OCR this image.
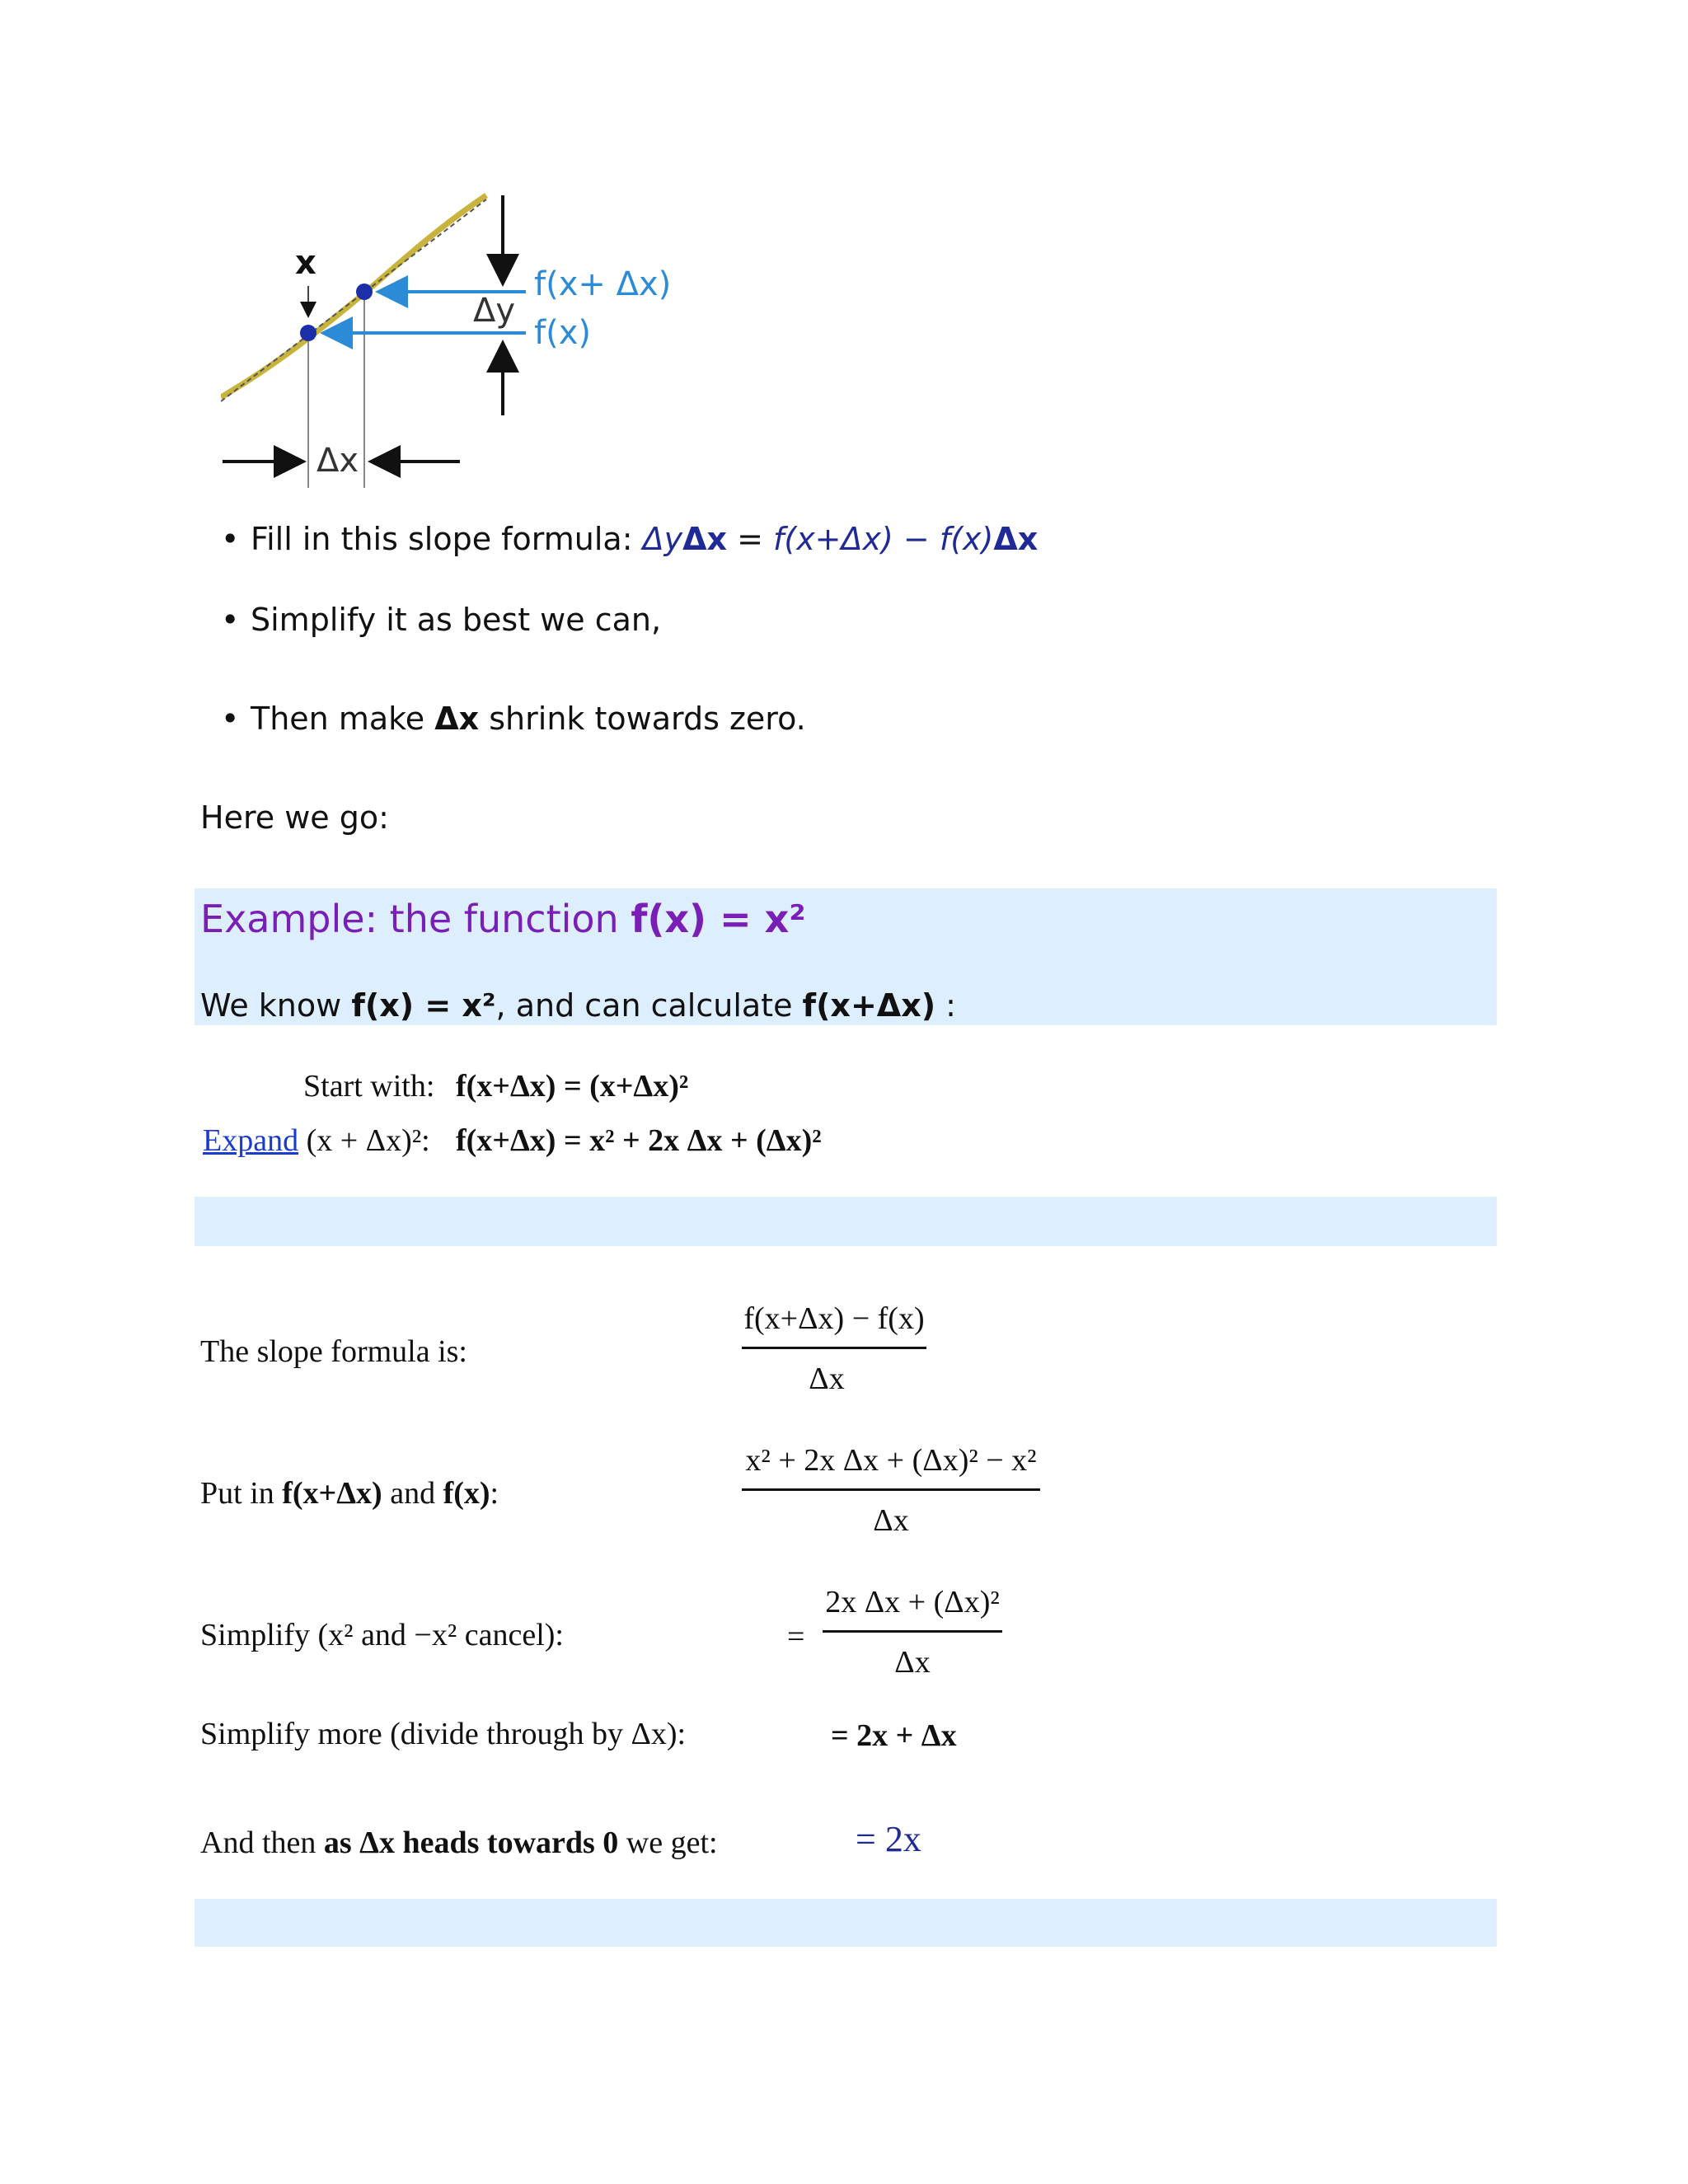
x
f(x+ Δx)
f(x)
Δy
Δx
• Fill in this slope formula: ΔyΔx = f(x+Δx) − f(x)Δx
• Simplify it as best we can,
• Then make Δx shrink towards zero.
Here we go:
Example: the function f(x) = x²
We know f(x) = x², and can calculate f(x+Δx) :
Start with: f(x+Δx) = (x+Δx)²
Expand (x + Δx)²: f(x+Δx) = x² + 2x Δx + (Δx)²
The slope formula is:
f(x+Δx) − f(x)
Δx
Put in f(x+Δx) and f(x):
x² + 2x Δx + (Δx)² − x²
Δx
Simplify (x² and −x² cancel):	=
2x Δx + (Δx)²
Δx
Simplify more (divide through by Δx):	= 2x + Δx
And then as Δx heads towards 0 we get:	= 2x
